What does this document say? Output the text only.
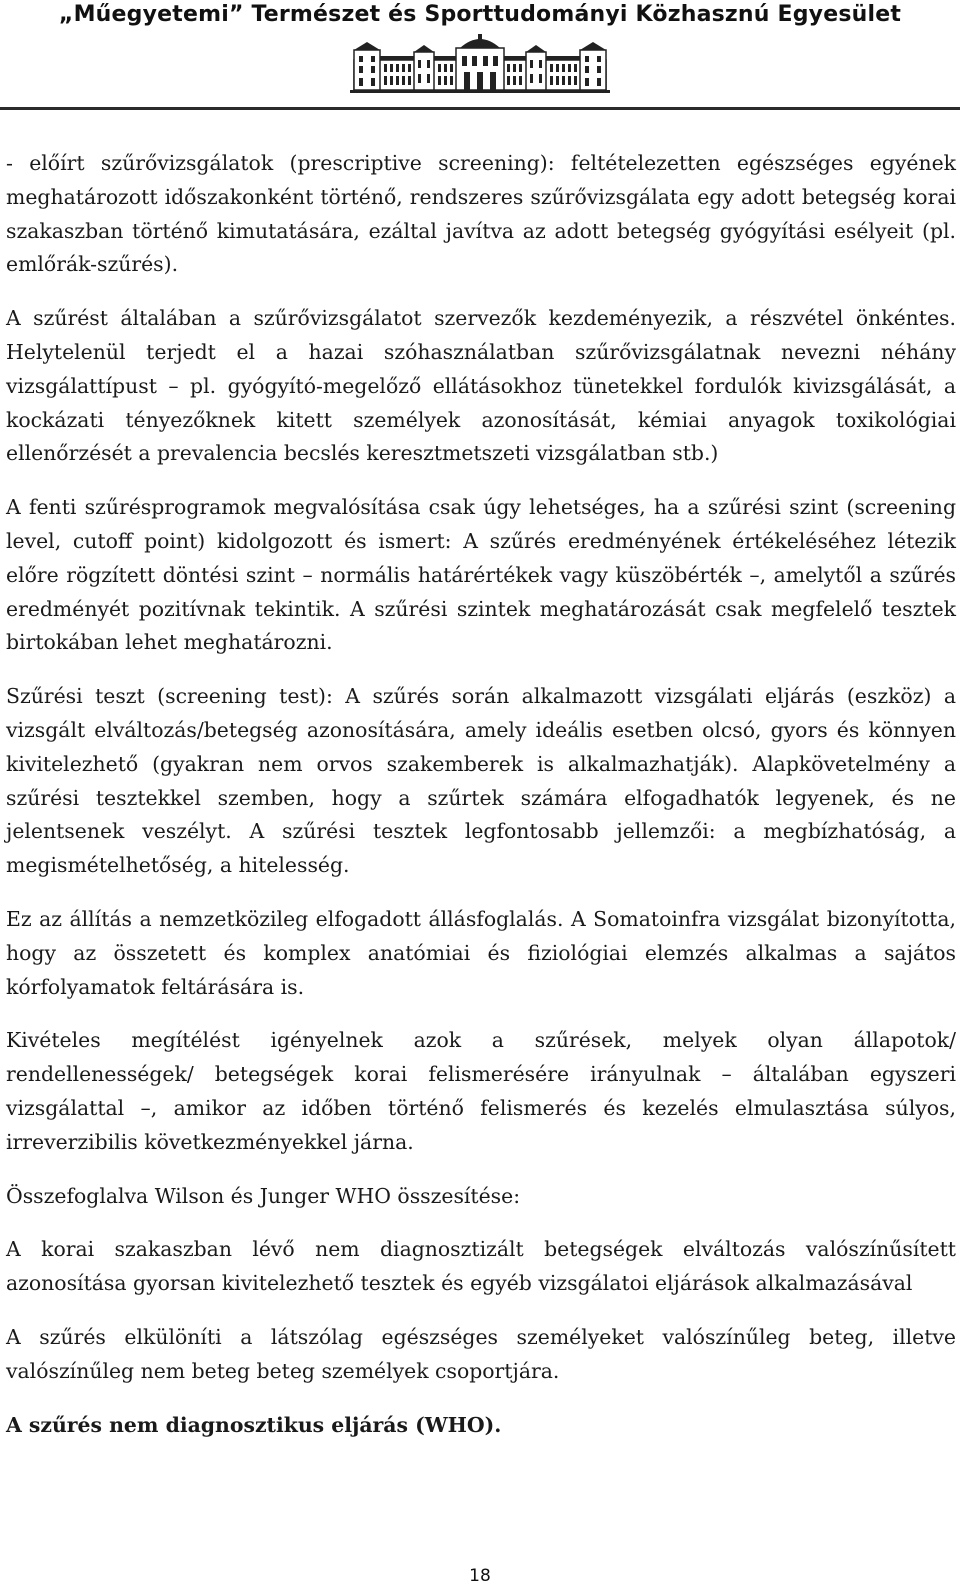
„Műegyetemi” Természet és Sporttudományi Közhasznú Egyesület

- előírt szűrővizsgálatok (prescriptive screening): feltételezetten egészséges egyének meghatározott időszakonként történő, rendszeres szűrővizsgálata egy adott betegség korai szakaszban történő kimutatására, ezáltal javítva az adott betegség gyógyítási esélyeit (pl. emlőrák-szűrés).

A szűrést általában a szűrővizsgálatot szervezők kezdeményezik, a részvétel önkéntes. Helytelenül terjedt el a hazai szóhasználatban szűrővizsgálatnak nevezni néhány vizsgálattípust – pl. gyógyító-megelőző ellátásokhoz tünetekkel fordulók kivizsgálását, a kockázati tényezőknek kitett személyek azonosítását, kémiai anyagok toxikológiai ellenőrzését a prevalencia becslés keresztmetszeti vizsgálatban stb.)

A fenti szűrésprogramok megvalósítása csak úgy lehetséges, ha a szűrési szint (screening level, cutoff point) kidolgozott és ismert: A szűrés eredményének értékeléséhez létezik előre rögzített döntési szint – normális határértékek vagy küszöbérték –, amelytől a szűrés eredményét pozitívnak tekintik. A szűrési szintek meghatározását csak megfelelő tesztek birtokában lehet meghatározni.

Szűrési teszt (screening test): A szűrés során alkalmazott vizsgálati eljárás (eszköz) a vizsgált elváltozás/betegség azonosítására, amely ideális esetben olcsó, gyors és könnyen kivitelezhető (gyakran nem orvos szakemberek is alkalmazhatják). Alapkövetelmény a szűrési tesztekkel szemben, hogy a szűrtek számára elfogadhatók legyenek, és ne jelentsenek veszélyt. A szűrési tesztek legfontosabb jellemzői: a megbízhatóság, a megismételhetőség, a hitelesség.

Ez az állítás a nemzetközileg elfogadott állásfoglalás. A Somatoinfra vizsgálat bizonyította, hogy az összetett és komplex anatómiai és fiziológiai elemzés alkalmas a sajátos kórfolyamatok feltárására is.

Kivételes megítélést igényelnek azok a szűrések, melyek olyan állapotok/ rendellenességek/ betegségek korai felismerésére irányulnak – általában egyszeri vizsgálattal –, amikor az időben történő felismerés és kezelés elmulasztása súlyos, irreverzibilis következményekkel járna.

Összefoglalva Wilson és Junger WHO összesítése:

A korai szakaszban lévő nem diagnosztizált betegségek elváltozás valószínűsített azonosítása gyorsan kivitelezhető tesztek és egyéb vizsgálatoi eljárások alkalmazásával

A szűrés elkülöníti a látszólag egészséges személyeket valószínűleg beteg, illetve valószínűleg nem beteg beteg személyek csoportjára.

A szűrés nem diagnosztikus eljárás (WHO).

18
